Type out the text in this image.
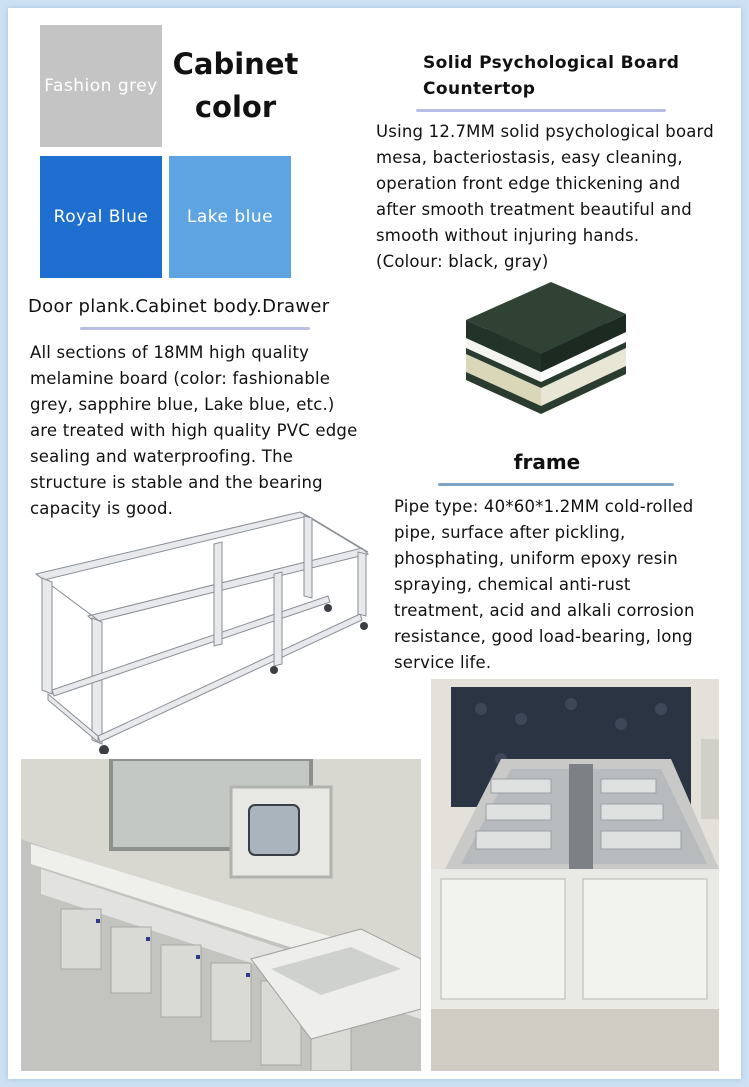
Fashion grey
Royal Blue Lake blue
Cabinet
color
Solid Psychological Board
Countertop
Using 12.7MM solid psychological board
mesa, bacteriostasis, easy cleaning,
operation front edge thickening and
after smooth treatment beautiful and
smooth without injuring hands.
(Colour: black, gray)
Door plank.Cabinet body.Drawer
All sections of 18MM high quality
melamine board (color: fashionable
grey, sapphire blue, Lake blue, etc.)
are treated with high quality PVC edge
sealing and waterproofing. The
structure is stable and the bearing
capacity is good.
frame
Pipe type: 40*60*1.2MM cold-rolled
pipe, surface after pickling,
phosphating, uniform epoxy resin
spraying, chemical anti-rust
treatment, acid and alkali corrosion
resistance, good load-bearing, long
service life.
